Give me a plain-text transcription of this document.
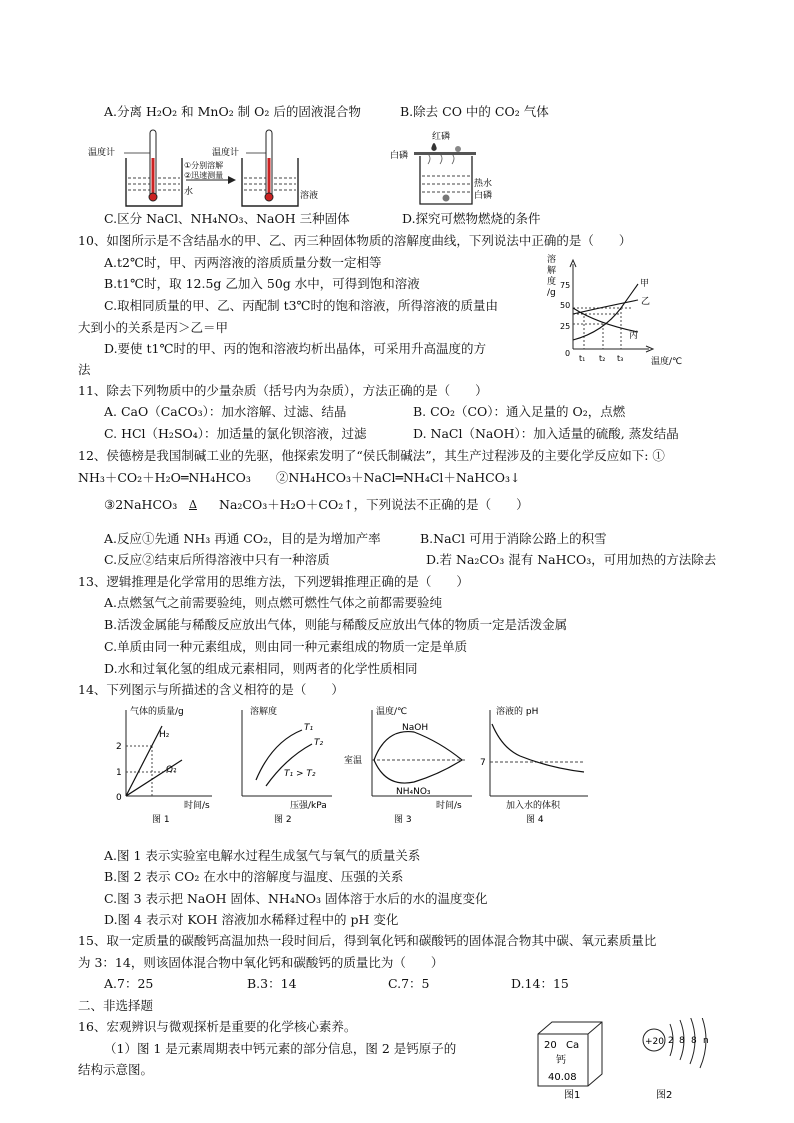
A.分离 H₂O₂ 和 MnO₂ 制 O₂ 后的固液混合物	B.除去 CO 中的 CO₂ 气体
温度计
水
①分别溶解
②迅速测量
温度计
溶液
红磷
白磷
热水
白磷
C.区分 NaCl、NH₄NO₃、NaOH 三种固体	D.探究可燃物燃烧的条件
10、如图所示是不含结晶水的甲、乙、丙三种固体物质的溶解度曲线，下列说法中正确的是（　　）
A.t2℃时，甲、丙两溶液的溶质质量分数一定相等
B.t1℃时，取 12.5g 乙加入 50g 水中，可得到饱和溶液
C.取相同质量的甲、乙、丙配制 t3℃时的饱和溶液，所得溶液的质量由
大到小的关系是丙＞乙＝甲
D.要使 t1℃时的甲、丙的饱和溶液均析出晶体，可采用升高温度的方
法
溶
解
度
/g
75
50
25
0
t₁ t₂ t₃	温度/℃
甲
乙
丙
11、除去下列物质中的少量杂质（括号内为杂质），方法正确的是（　　）
A. CaO（CaCO₃）：加水溶解、过滤、结晶	B. CO₂（CO）：通入足量的 O₂，点燃
C. HCl（H₂SO₄）：加适量的氯化钡溶液，过滤	D. NaCl（NaOH）：加入适量的硫酸, 蒸发结晶
12、侯德榜是我国制碱工业的先驱，他探索发明了“侯氏制碱法”，其生产过程涉及的主要化学反应如下: ①
NH₃＋CO₂＋H₂O═NH₄HCO₃　　②NH₄HCO₃＋NaCl═NH₄Cl＋NaHCO₃↓
③2NaHCO₃ Δ Na₂CO₃＋H₂O＋CO₂↑，下列说法不正确的是（　　）
A.反应①先通 NH₃ 再通 CO₂，目的是为增加产率	B.NaCl 可用于消除公路上的积雪
C.反应②结束后所得溶液中只有一种溶质	D.若 Na₂CO₃ 混有 NaHCO₃，可用加热的方法除去
13、逻辑推理是化学常用的思维方法，下列逻辑推理正确的是（　　）
A.点燃氢气之前需要验纯，则点燃可燃性气体之前都需要验纯
B.活泼金属能与稀酸反应放出气体，则能与稀酸反应放出气体的物质一定是活泼金属
C.单质由同一种元素组成，则由同一种元素组成的物质一定是单质
D.水和过氧化氢的组成元素相同，则两者的化学性质相同
14、下列图示与所描述的含义相符的是（　　）
气体的质量/g
H₂
O₂
2
1
0
时间/s
图 1
溶解度
T₁
T₂
T₁ > T₂
压强/kPa
图 2
温度/℃
NaOH
室温
NH₄NO₃
时间/s
图 3
溶液的 pH
7
加入水的体积
图 4
A.图 1 表示实验室电解水过程生成氢气与氧气的质量关系
B.图 2 表示 CO₂ 在水中的溶解度与温度、压强的关系
C.图 3 表示把 NaOH 固体、NH₄NO₃ 固体溶于水后的水的温度变化
D.图 4 表示对 KOH 溶液加水稀释过程中的 pH 变化
15、取一定质量的碳酸钙高温加热一段时间后，得到氧化钙和碳酸钙的固体混合物其中碳、氧元素质量比
为 3：14，则该固体混合物中氧化钙和碳酸钙的质量比为（　　）
A.7：25	B.3：14	C.7：5	D.14：15
二、非选择题
16、宏观辨识与微观探析是重要的化学核心素养。
（1）图 1 是元素周期表中钙元素的部分信息，图 2 是钙原子的
结构示意图。
20 Ca
钙
40.08
图1
+20 2 8 8 n
图2
